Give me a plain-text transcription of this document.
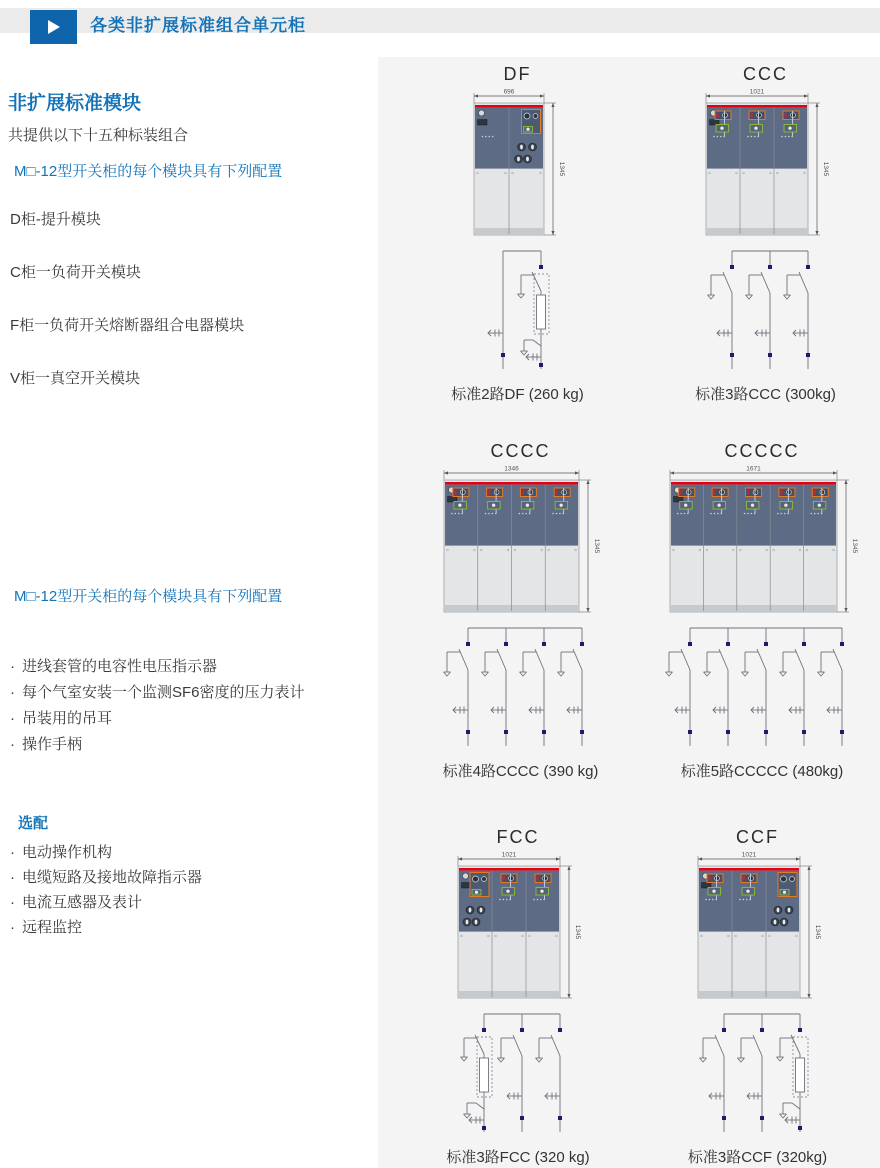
各类非扩展标准组合单元柜
非扩展标准模块
共提供以下十五种标装组合
M□-12型开关柜的每个模块具有下列配置
D柜-提升模块
C柜一负荷开关模块
F柜一负荷开关熔断器组合电器模块
V柜一真空开关模块
M□-12型开关柜的每个模块具有下列配置
· 进线套管的电容性电压指示器
· 每个气室安装一个监测SF6密度的压力表计
· 吊装用的吊耳
· 操作手柄
选配
· 电动操作机构
· 电缆短路及接地故障指示器
· 电流互感器及表计
· 远程监控
DF
696
1345
标准2路DF (260 kg)
CCC
1021
1345
标准3路CCC (300kg)
CCCC
1346
1345
标准4路CCCC (390 kg)
CCCCC
1671
1345
标准5路CCCCC (480kg)
FCC
1021
1345
标准3路FCC (320 kg)
CCF
1021
1345
标准3路CCF (320kg)
